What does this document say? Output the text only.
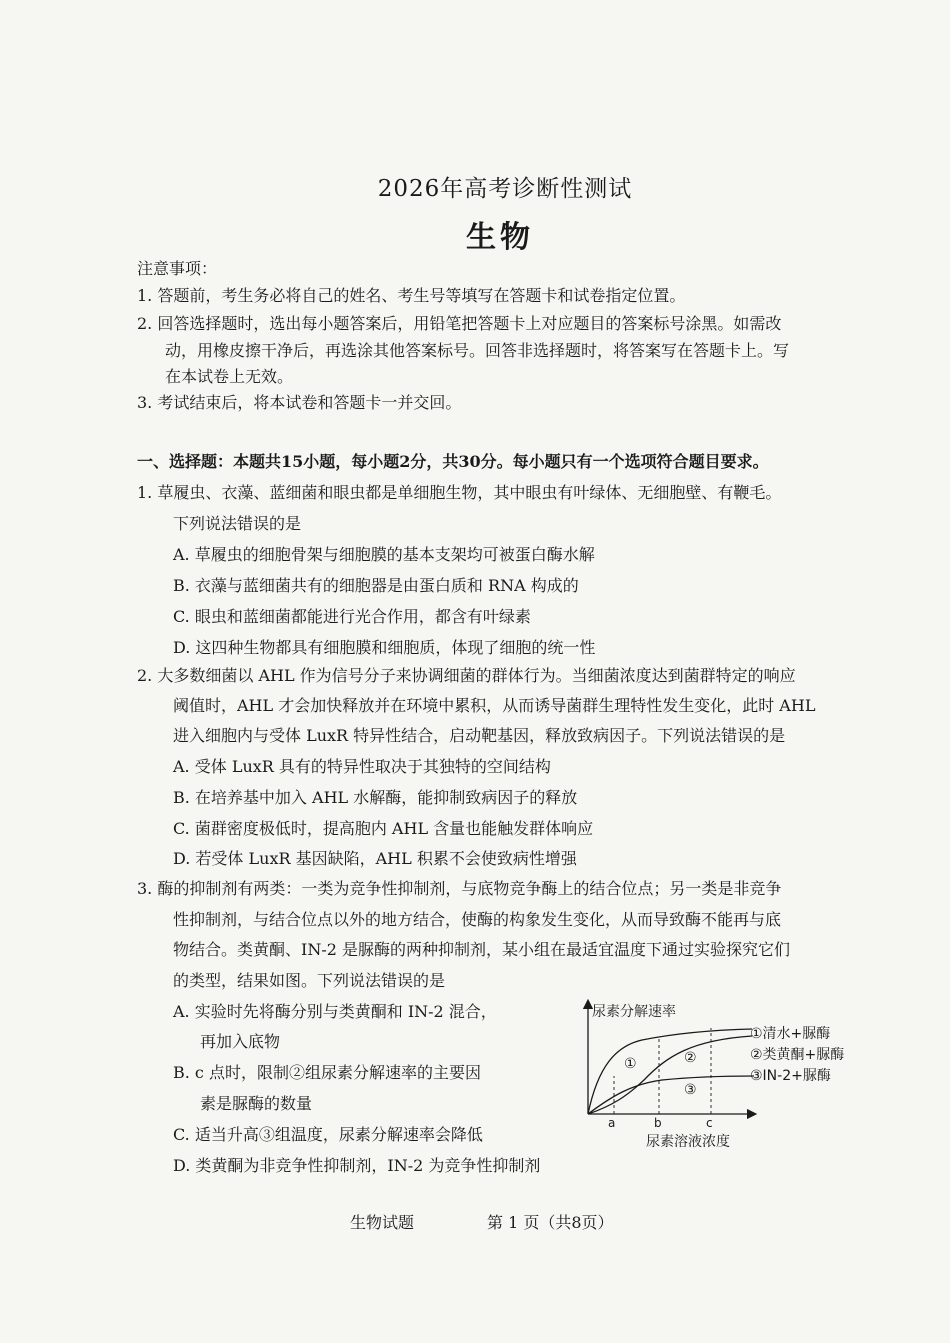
2026年高考诊断性测试
生物
注意事项：
1. 答题前，考生务必将自己的姓名、考生号等填写在答题卡和试卷指定位置。
2. 回答选择题时，选出每小题答案后，用铅笔把答题卡上对应题目的答案标号涂黑。如需改
动，用橡皮擦干净后，再选涂其他答案标号。回答非选择题时，将答案写在答题卡上。写
在本试卷上无效。
3. 考试结束后，将本试卷和答题卡一并交回。
一、选择题：本题共15小题，每小题2分，共30分。每小题只有一个选项符合题目要求。
1. 草履虫、衣藻、蓝细菌和眼虫都是单细胞生物，其中眼虫有叶绿体、无细胞壁、有鞭毛。
下列说法错误的是
A. 草履虫的细胞骨架与细胞膜的基本支架均可被蛋白酶水解
B. 衣藻与蓝细菌共有的细胞器是由蛋白质和 RNA 构成的
C. 眼虫和蓝细菌都能进行光合作用，都含有叶绿素
D. 这四种生物都具有细胞膜和细胞质，体现了细胞的统一性
2. 大多数细菌以 AHL 作为信号分子来协调细菌的群体行为。当细菌浓度达到菌群特定的响应
阈值时，AHL 才会加快释放并在环境中累积，从而诱导菌群生理特性发生变化，此时 AHL
进入细胞内与受体 LuxR 特异性结合，启动靶基因，释放致病因子。下列说法错误的是
A. 受体 LuxR 具有的特异性取决于其独特的空间结构
B. 在培养基中加入 AHL 水解酶，能抑制致病因子的释放
C. 菌群密度极低时，提高胞内 AHL 含量也能触发群体响应
D. 若受体 LuxR 基因缺陷，AHL 积累不会使致病性增强
3. 酶的抑制剂有两类：一类为竞争性抑制剂，与底物竞争酶上的结合位点；另一类是非竞争
性抑制剂，与结合位点以外的地方结合，使酶的构象发生变化，从而导致酶不能再与底
物结合。类黄酮、IN-2 是脲酶的两种抑制剂，某小组在最适宜温度下通过实验探究它们
的类型，结果如图。下列说法错误的是
A. 实验时先将酶分别与类黄酮和 IN-2 混合，
再加入底物
B. c 点时，限制②组尿素分解速率的主要因
素是脲酶的数量
C. 适当升高③组温度，尿素分解速率会降低
D. 类黄酮为非竞争性抑制剂，IN-2 为竞争性抑制剂
尿素分解速率
a	b	c
尿素溶液浓度
①	②
③
①清水+脲酶
②类黄酮+脲酶
③IN-2+脲酶
生物试题	第 1 页（共8页）
